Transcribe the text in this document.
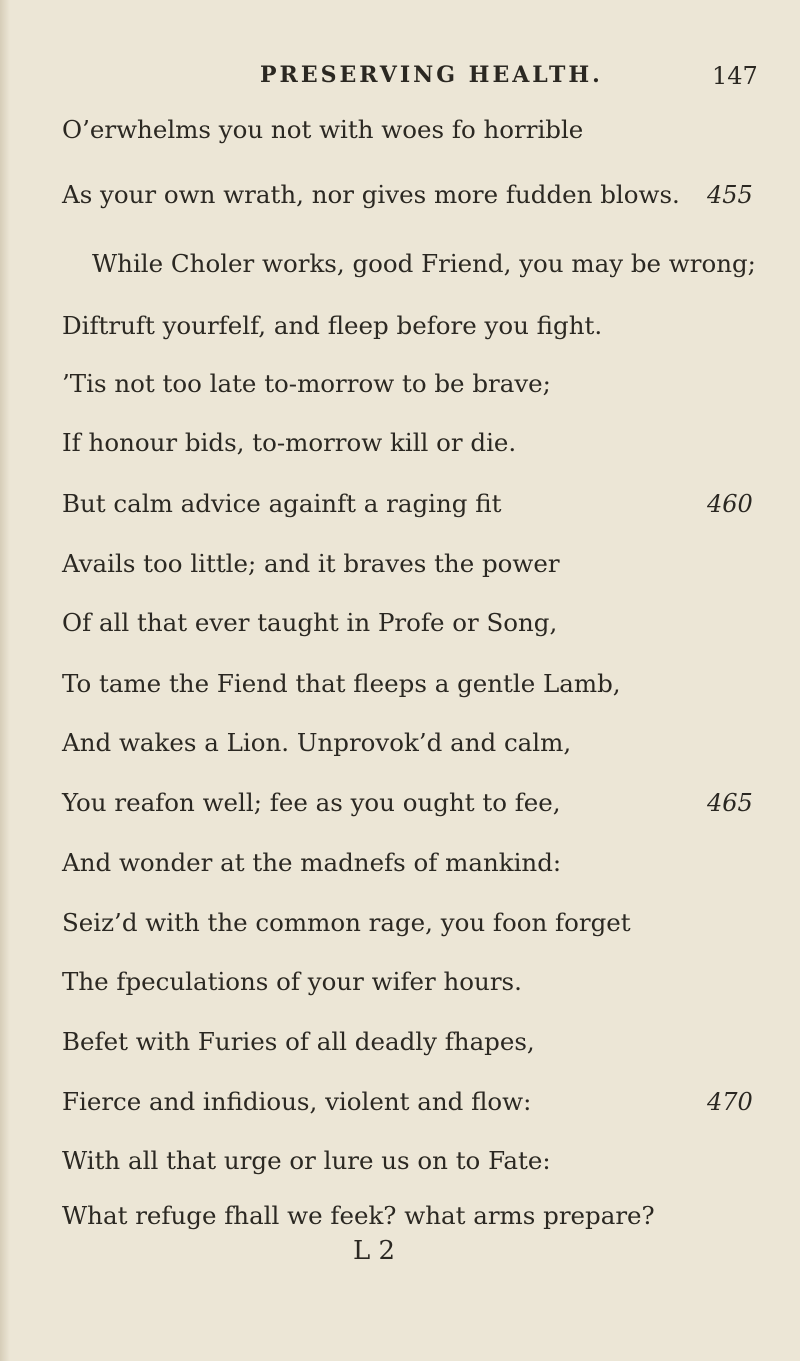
PRESERVING HEALTH.	147
O’erwhelms you not with woes fo horrible
As your own wrath, nor gives more fudden blows. 455
While Choler works, good Friend, you may be wrong;
Diftruft yourfelf, and fleep before you fight.
’Tis not too late to-morrow to be brave;
If honour bids, to-morrow kill or die.
But calm advice againft a raging fit	460
Avails too little; and it braves the power
Of all that ever taught in Profe or Song,
To tame the Fiend that fleeps a gentle Lamb,
And wakes a Lion. Unprovok’d and calm,
You reafon well; fee as you ought to fee,	465
And wonder at the madnefs of mankind:
Seiz’d with the common rage, you foon forget
The fpeculations of your wifer hours.
Befet with Furies of all deadly fhapes,
Fierce and infidious, violent and flow:	470
With all that urge or lure us on to Fate:
What refuge fhall we feek? what arms prepare?
L 2
